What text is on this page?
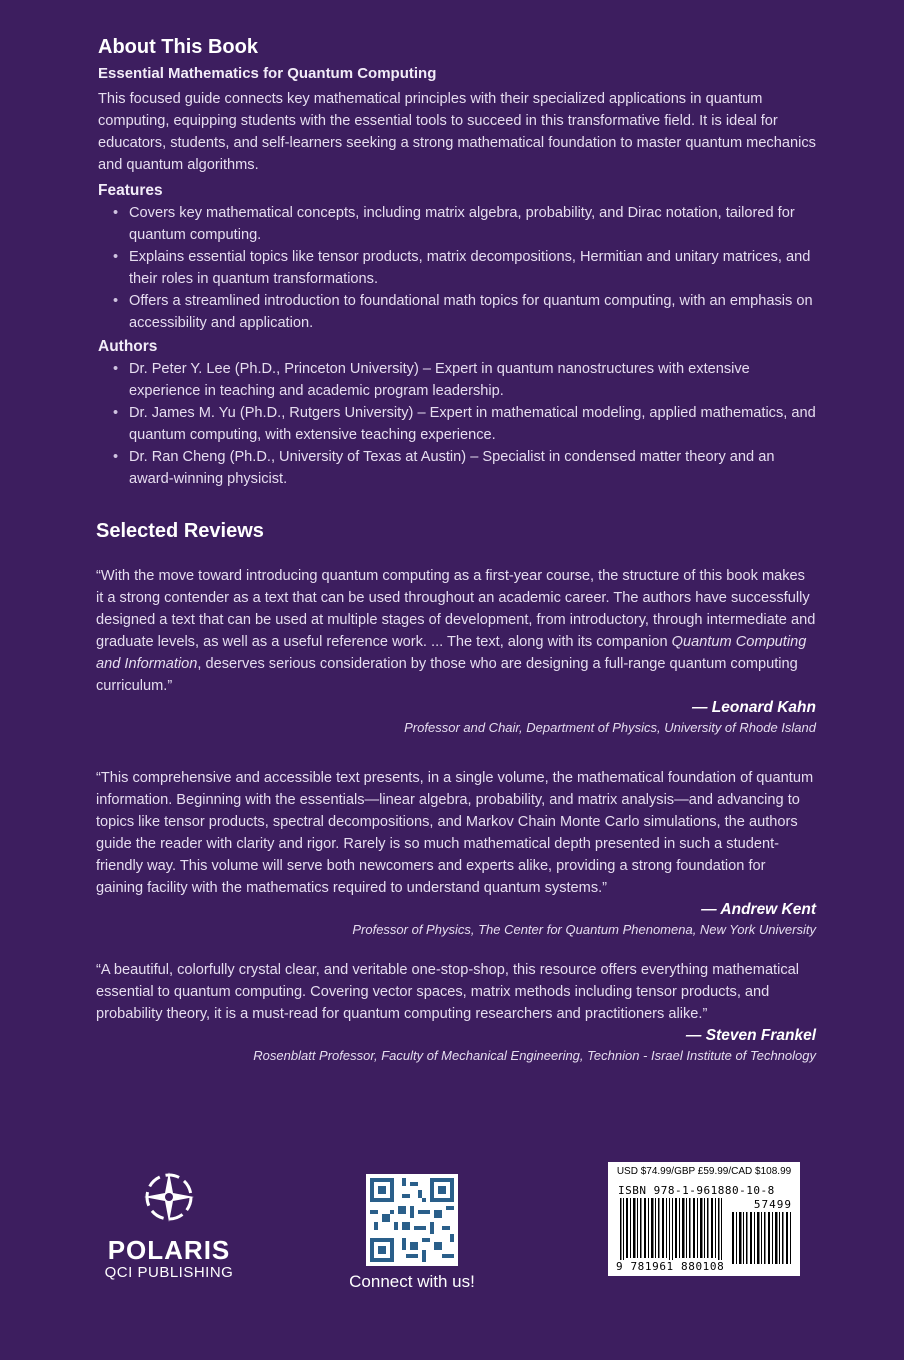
About This Book
Essential Mathematics for Quantum Computing

This focused guide connects key mathematical principles with their specialized applications in quantum computing, equipping students with the essential tools to succeed in this transformative field. It is ideal for educators, students, and self-learners seeking a strong mathematical foundation to master quantum mechanics and quantum algorithms.

Features
• Covers key mathematical concepts, including matrix algebra, probability, and Dirac notation, tailored for quantum computing.
• Explains essential topics like tensor products, matrix decompositions, Hermitian and unitary matrices, and their roles in quantum transformations.
• Offers a streamlined introduction to foundational math topics for quantum computing, with an emphasis on accessibility and application.
Authors
• Dr. Peter Y. Lee (Ph.D., Princeton University) – Expert in quantum nanostructures with extensive experience in teaching and academic program leadership.
• Dr. James M. Yu (Ph.D., Rutgers University) – Expert in mathematical modeling, applied mathematics, and quantum computing, with extensive teaching experience.
• Dr. Ran Cheng (Ph.D., University of Texas at Austin) – Specialist in condensed matter theory and an award-winning physicist.
Selected Reviews

“With the move toward introducing quantum computing as a first-year course, the structure of this book makes it a strong contender as a text that can be used throughout an academic career. The authors have successfully designed a text that can be used at multiple stages of development, from introductory, through intermediate and graduate levels, as well as a useful reference work. ... The text, along with its companion Quantum Computing and Information, deserves serious consideration by those who are designing a full-range quantum computing curriculum.”

— Leonard Kahn
Professor and Chair, Department of Physics, University of Rhode Island

“This comprehensive and accessible text presents, in a single volume, the mathematical foundation of quantum information. Beginning with the essentials—linear algebra, probability, and matrix analysis—and advancing to topics like tensor products, spectral decompositions, and Markov Chain Monte Carlo simulations, the authors guide the reader with clarity and rigor. Rarely is so much mathematical depth presented in such a student-friendly way. This volume will serve both newcomers and experts alike, providing a strong foundation for gaining facility with the mathematics required to understand quantum systems.”

— Andrew Kent
Professor of Physics, The Center for Quantum Phenomena, New York University

“A beautiful, colorfully crystal clear, and veritable one-stop-shop, this resource offers everything mathematical essential to quantum computing. Covering vector spaces, matrix methods including tensor products, and probability theory, it is a must-read for quantum computing researchers and practitioners alike.”

— Steven Frankel
Rosenblatt Professor, Faculty of Mechanical Engineering, Technion - Israel Institute of Technology
POLARIS
QCI PUBLISHING	Connect with us!
USD $74.99/GBP £59.99/CAD $108.99
ISBN 978-1-961880-10-8
57499
9 781961 880108
